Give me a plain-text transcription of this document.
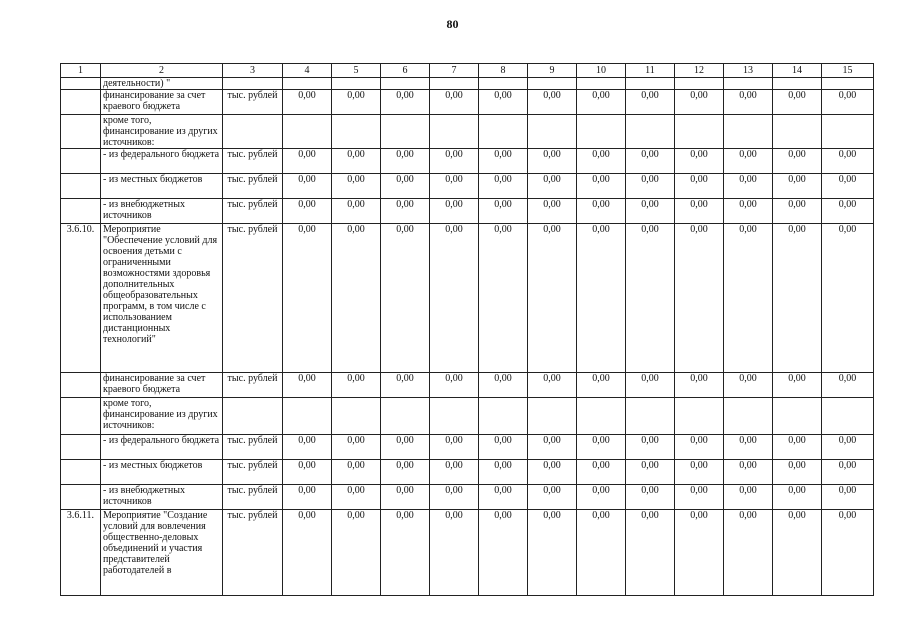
80
1	2	3	4	5	6	7	8	9	10	11	12	13	14	15
	деятельности) "													
	финансирование за счет краевого бюджета	тыс. рублей	0,00	0,00	0,00	0,00	0,00	0,00	0,00	0,00	0,00	0,00	0,00	0,00
	кроме того, финансирование из других источников:													
	- из федерального бюджета	тыс. рублей	0,00	0,00	0,00	0,00	0,00	0,00	0,00	0,00	0,00	0,00	0,00	0,00
	- из местных бюджетов	тыс. рублей	0,00	0,00	0,00	0,00	0,00	0,00	0,00	0,00	0,00	0,00	0,00	0,00
	- из внебюджетных источников	тыс. рублей	0,00	0,00	0,00	0,00	0,00	0,00	0,00	0,00	0,00	0,00	0,00	0,00
3.6.10.	Мероприятие "Обеспечение условий для освоения детьми с ограниченными возможностями здоровья дополнительных общеобразовательных программ, в том числе с использованием дистанционных технологий"	тыс. рублей	0,00	0,00	0,00	0,00	0,00	0,00	0,00	0,00	0,00	0,00	0,00	0,00
	финансирование за счет краевого бюджета	тыс. рублей	0,00	0,00	0,00	0,00	0,00	0,00	0,00	0,00	0,00	0,00	0,00	0,00
	кроме того, финансирование из других источников:													
	- из федерального бюджета	тыс. рублей	0,00	0,00	0,00	0,00	0,00	0,00	0,00	0,00	0,00	0,00	0,00	0,00
	- из местных бюджетов	тыс. рублей	0,00	0,00	0,00	0,00	0,00	0,00	0,00	0,00	0,00	0,00	0,00	0,00
	- из внебюджетных источников	тыс. рублей	0,00	0,00	0,00	0,00	0,00	0,00	0,00	0,00	0,00	0,00	0,00	0,00
3.6.11.	Мероприятие "Создание условий для вовлечения общественно-деловых объединений и участия представителей работодателей в	тыс. рублей	0,00	0,00	0,00	0,00	0,00	0,00	0,00	0,00	0,00	0,00	0,00	0,00
